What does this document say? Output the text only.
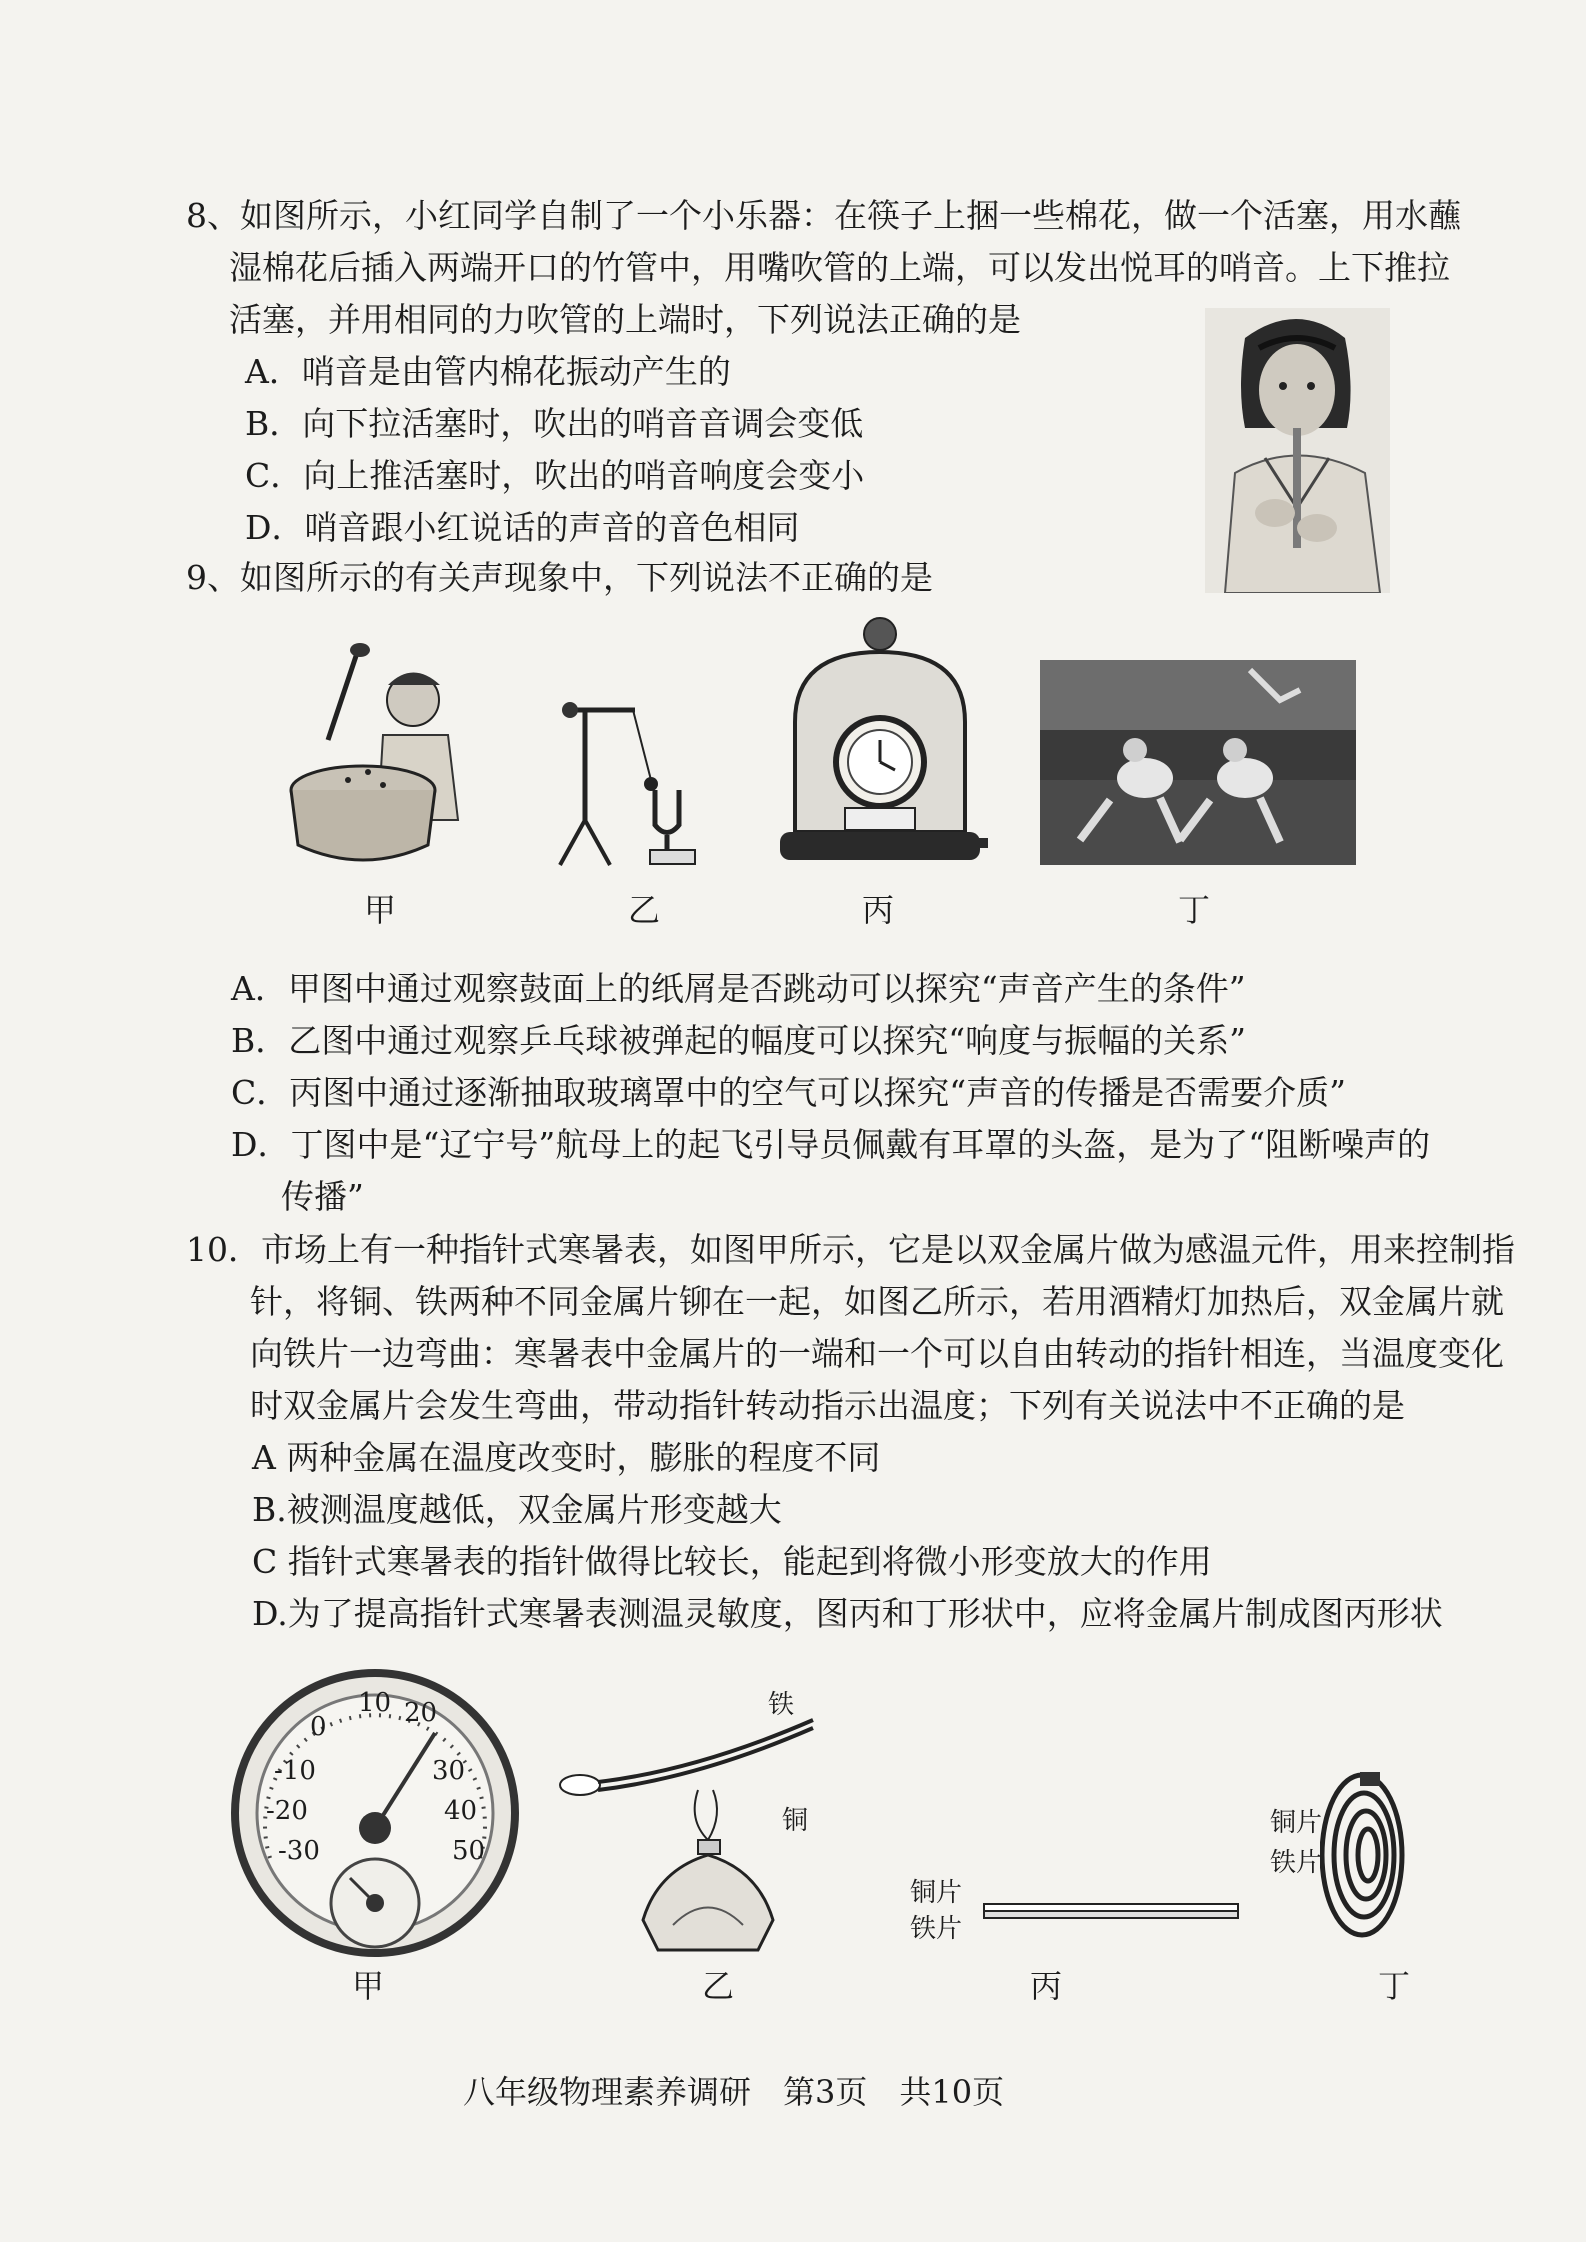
8、如图所示，小红同学自制了一个小乐器：在筷子上捆一些棉花，做一个活塞，用水蘸
湿棉花后插入两端开口的竹管中，用嘴吹管的上端，可以发出悦耳的哨音。上下推拉
活塞，并用相同的力吹管的上端时，下列说法正确的是
A．哨音是由管内棉花振动产生的
B．向下拉活塞时，吹出的哨音音调会变低
C．向上推活塞时，吹出的哨音响度会变小
D．哨音跟小红说话的声音的音色相同
9、如图所示的有关声现象中，下列说法不正确的是
甲	乙	丙	丁
A．甲图中通过观察鼓面上的纸屑是否跳动可以探究“声音产生的条件”
B．乙图中通过观察乒乓球被弹起的幅度可以探究“响度与振幅的关系”
C．丙图中通过逐渐抽取玻璃罩中的空气可以探究“声音的传播是否需要介质”
D．丁图中是“辽宁号”航母上的起飞引导员佩戴有耳罩的头盔，是为了“阻断噪声的
传播”
10．市场上有一种指针式寒暑表，如图甲所示，它是以双金属片做为感温元件，用来控制指
针，将铜、铁两种不同金属片铆在一起，如图乙所示，若用酒精灯加热后，双金属片就
向铁片一边弯曲：寒暑表中金属片的一端和一个可以自由转动的指针相连，当温度变化
时双金属片会发生弯曲，带动指针转动指示出温度；下列有关说法中不正确的是
A 两种金属在温度改变时，膨胀的程度不同
B.被测温度越低，双金属片形变越大
C 指针式寒暑表的指针做得比较长，能起到将微小形变放大的作用
D.为了提高指针式寒暑表测温灵敏度，图丙和丁形状中，应将金属片制成图丙形状
0
10 20
30
40
50
-10
-20
-30
甲
铁
铜
乙
铜片
铁片
丙
铜片
铁片
丁
八年级物理素养调研　第3页　共10页
